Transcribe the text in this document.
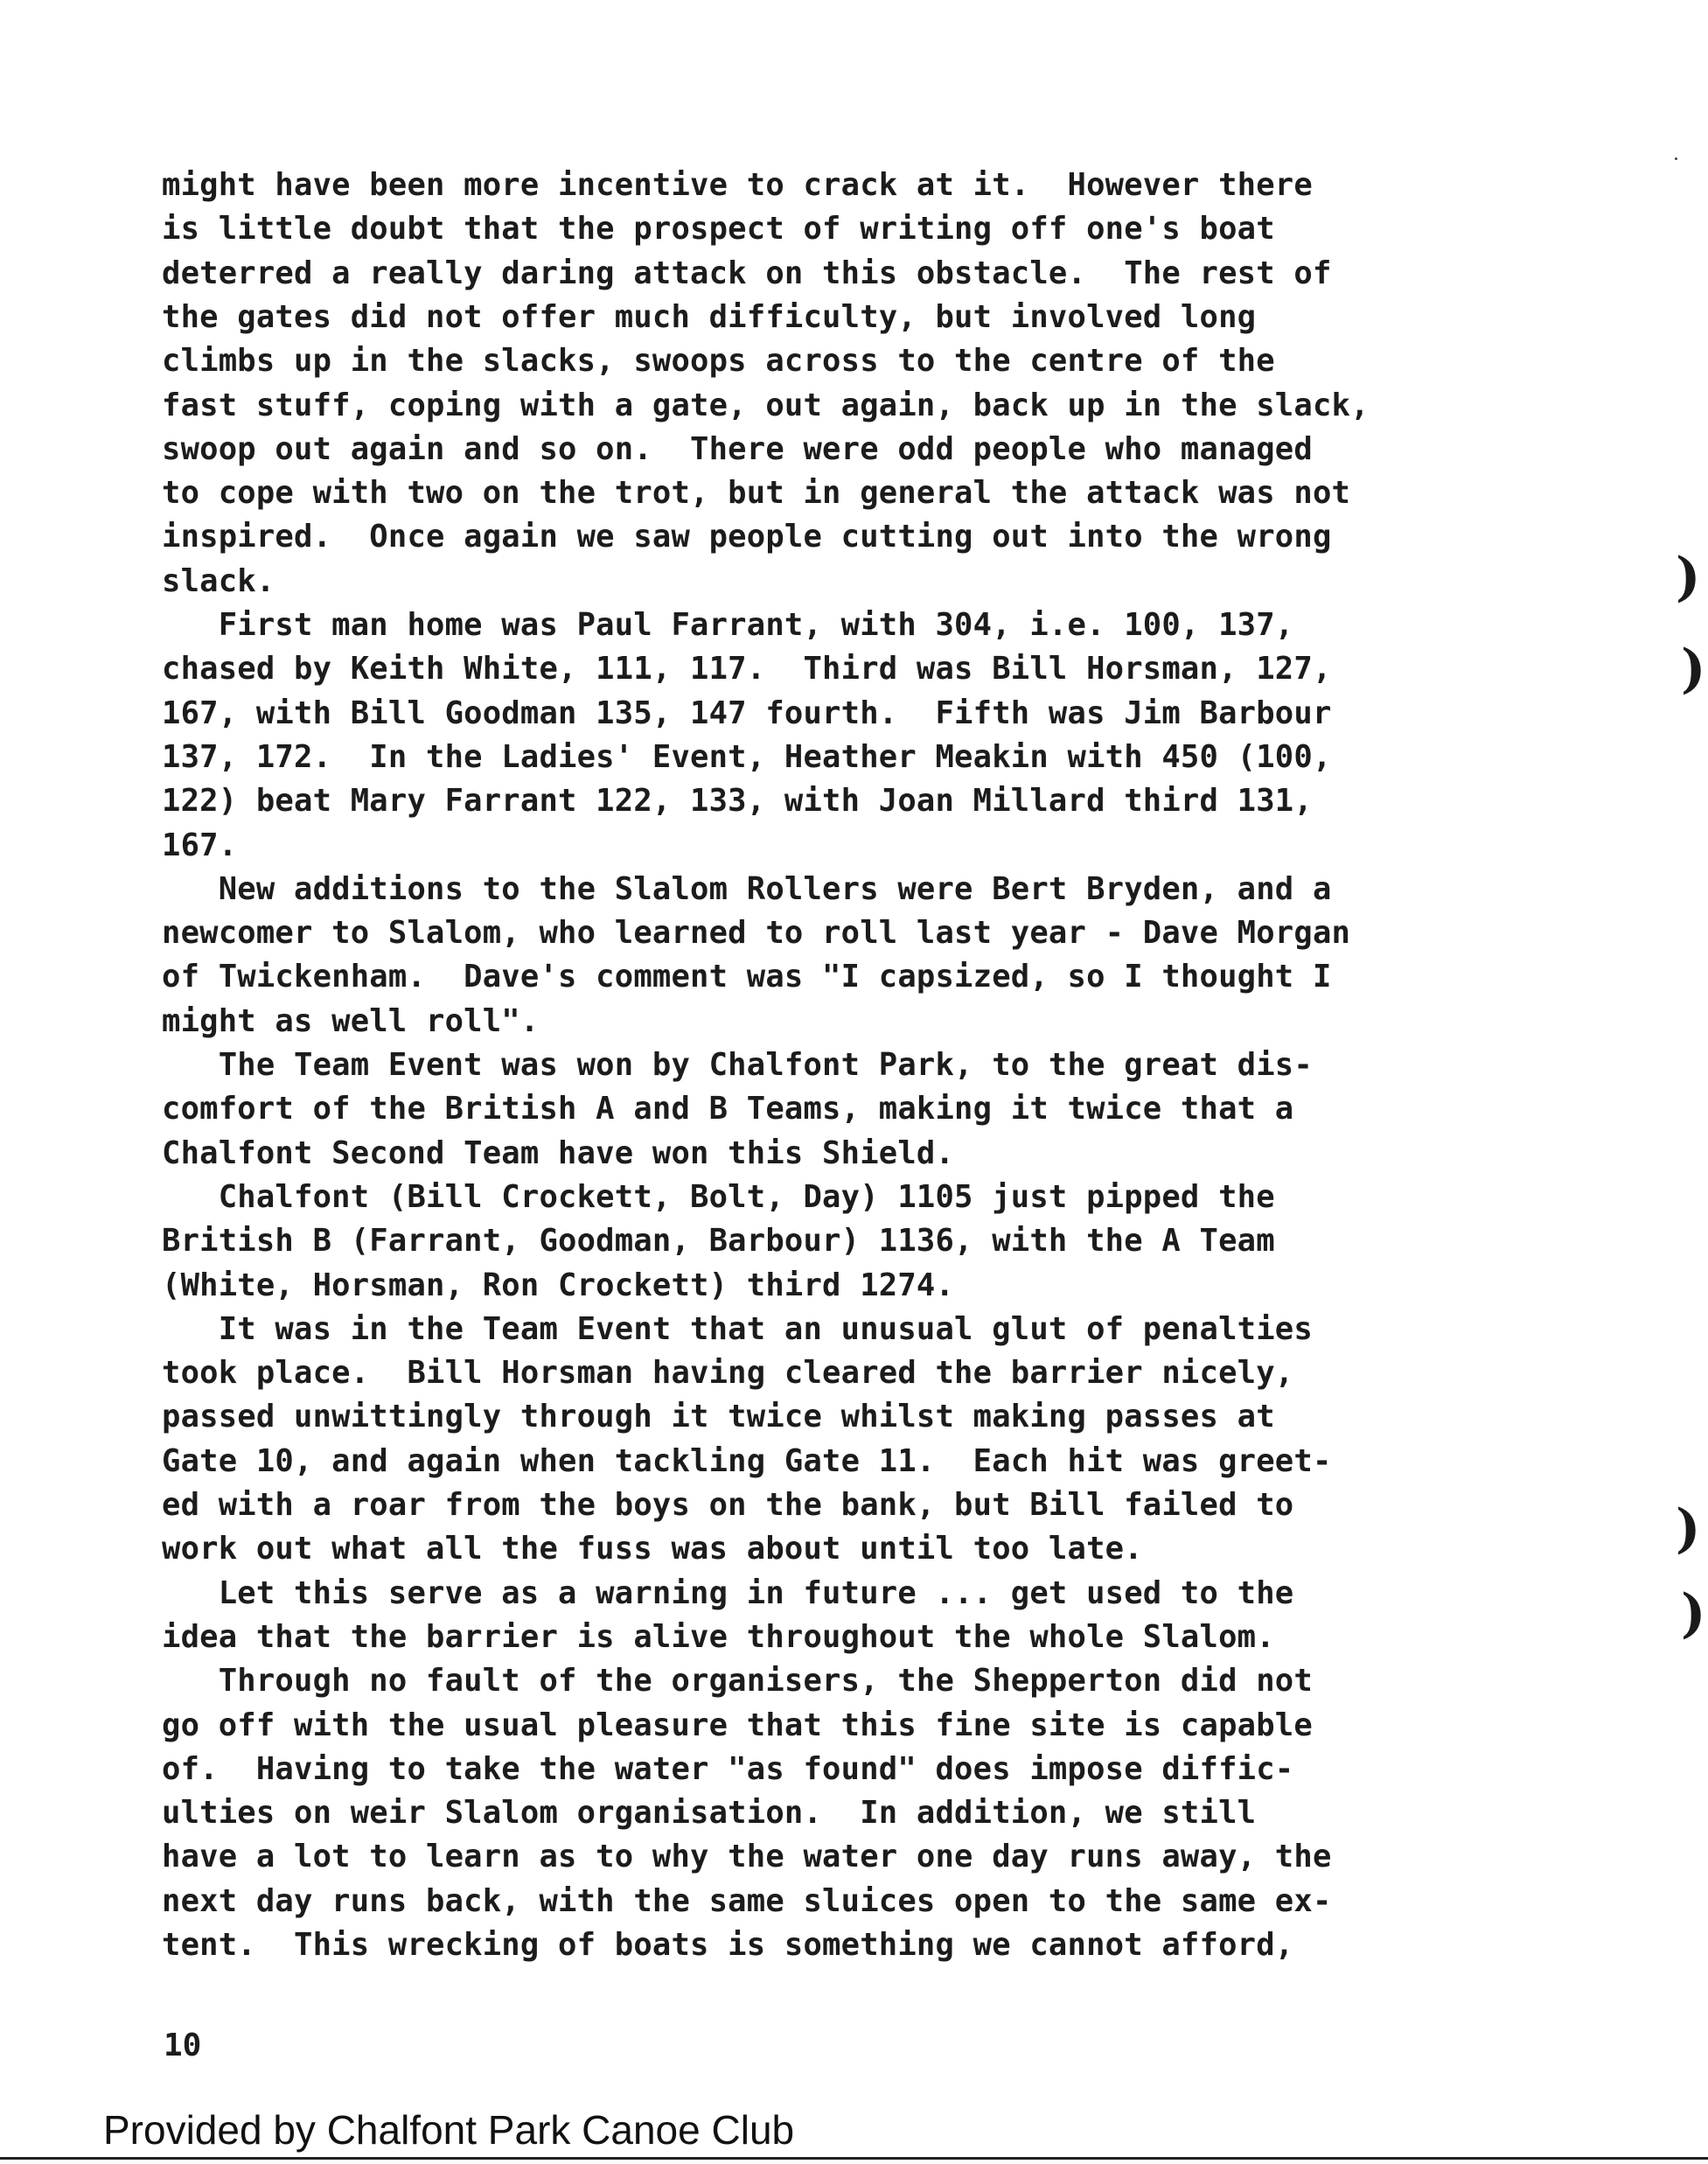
might have been more incentive to crack at it.  However there
is little doubt that the prospect of writing off one's boat
deterred a really daring attack on this obstacle.  The rest of
the gates did not offer much difficulty, but involved long
climbs up in the slacks, swoops across to the centre of the
fast stuff, coping with a gate, out again, back up in the slack,
swoop out again and so on.  There were odd people who managed
to cope with two on the trot, but in general the attack was not
inspired.  Once again we saw people cutting out into the wrong
slack.
First man home was Paul Farrant, with 304, i.e. 100, 137,
chased by Keith White, 111, 117.  Third was Bill Horsman, 127,
167, with Bill Goodman 135, 147 fourth.  Fifth was Jim Barbour
137, 172.  In the Ladies' Event, Heather Meakin with 450 (100,
122) beat Mary Farrant 122, 133, with Joan Millard third 131,
167.
New additions to the Slalom Rollers were Bert Bryden, and a
newcomer to Slalom, who learned to roll last year - Dave Morgan
of Twickenham.  Dave's comment was "I capsized, so I thought I
might as well roll".
The Team Event was won by Chalfont Park, to the great dis-
comfort of the British A and B Teams, making it twice that a
Chalfont Second Team have won this Shield.
Chalfont (Bill Crockett, Bolt, Day) 1105 just pipped the
British B (Farrant, Goodman, Barbour) 1136, with the A Team
(White, Horsman, Ron Crockett) third 1274.
It was in the Team Event that an unusual glut of penalties
took place.  Bill Horsman having cleared the barrier nicely,
passed unwittingly through it twice whilst making passes at
Gate 10, and again when tackling Gate 11.  Each hit was greet-
ed with a roar from the boys on the bank, but Bill failed to
work out what all the fuss was about until too late.
Let this serve as a warning in future ... get used to the
idea that the barrier is alive throughout the whole Slalom.
Through no fault of the organisers, the Shepperton did not
go off with the usual pleasure that this fine site is capable
of.  Having to take the water "as found" does impose diffic-
ulties on weir Slalom organisation.  In addition, we still
have a lot to learn as to why the water one day runs away, the
next day runs back, with the same sluices open to the same ex-
tent.  This wrecking of boats is something we cannot afford,
10
Provided by Chalfont Park Canoe Club
)
)
)
)
